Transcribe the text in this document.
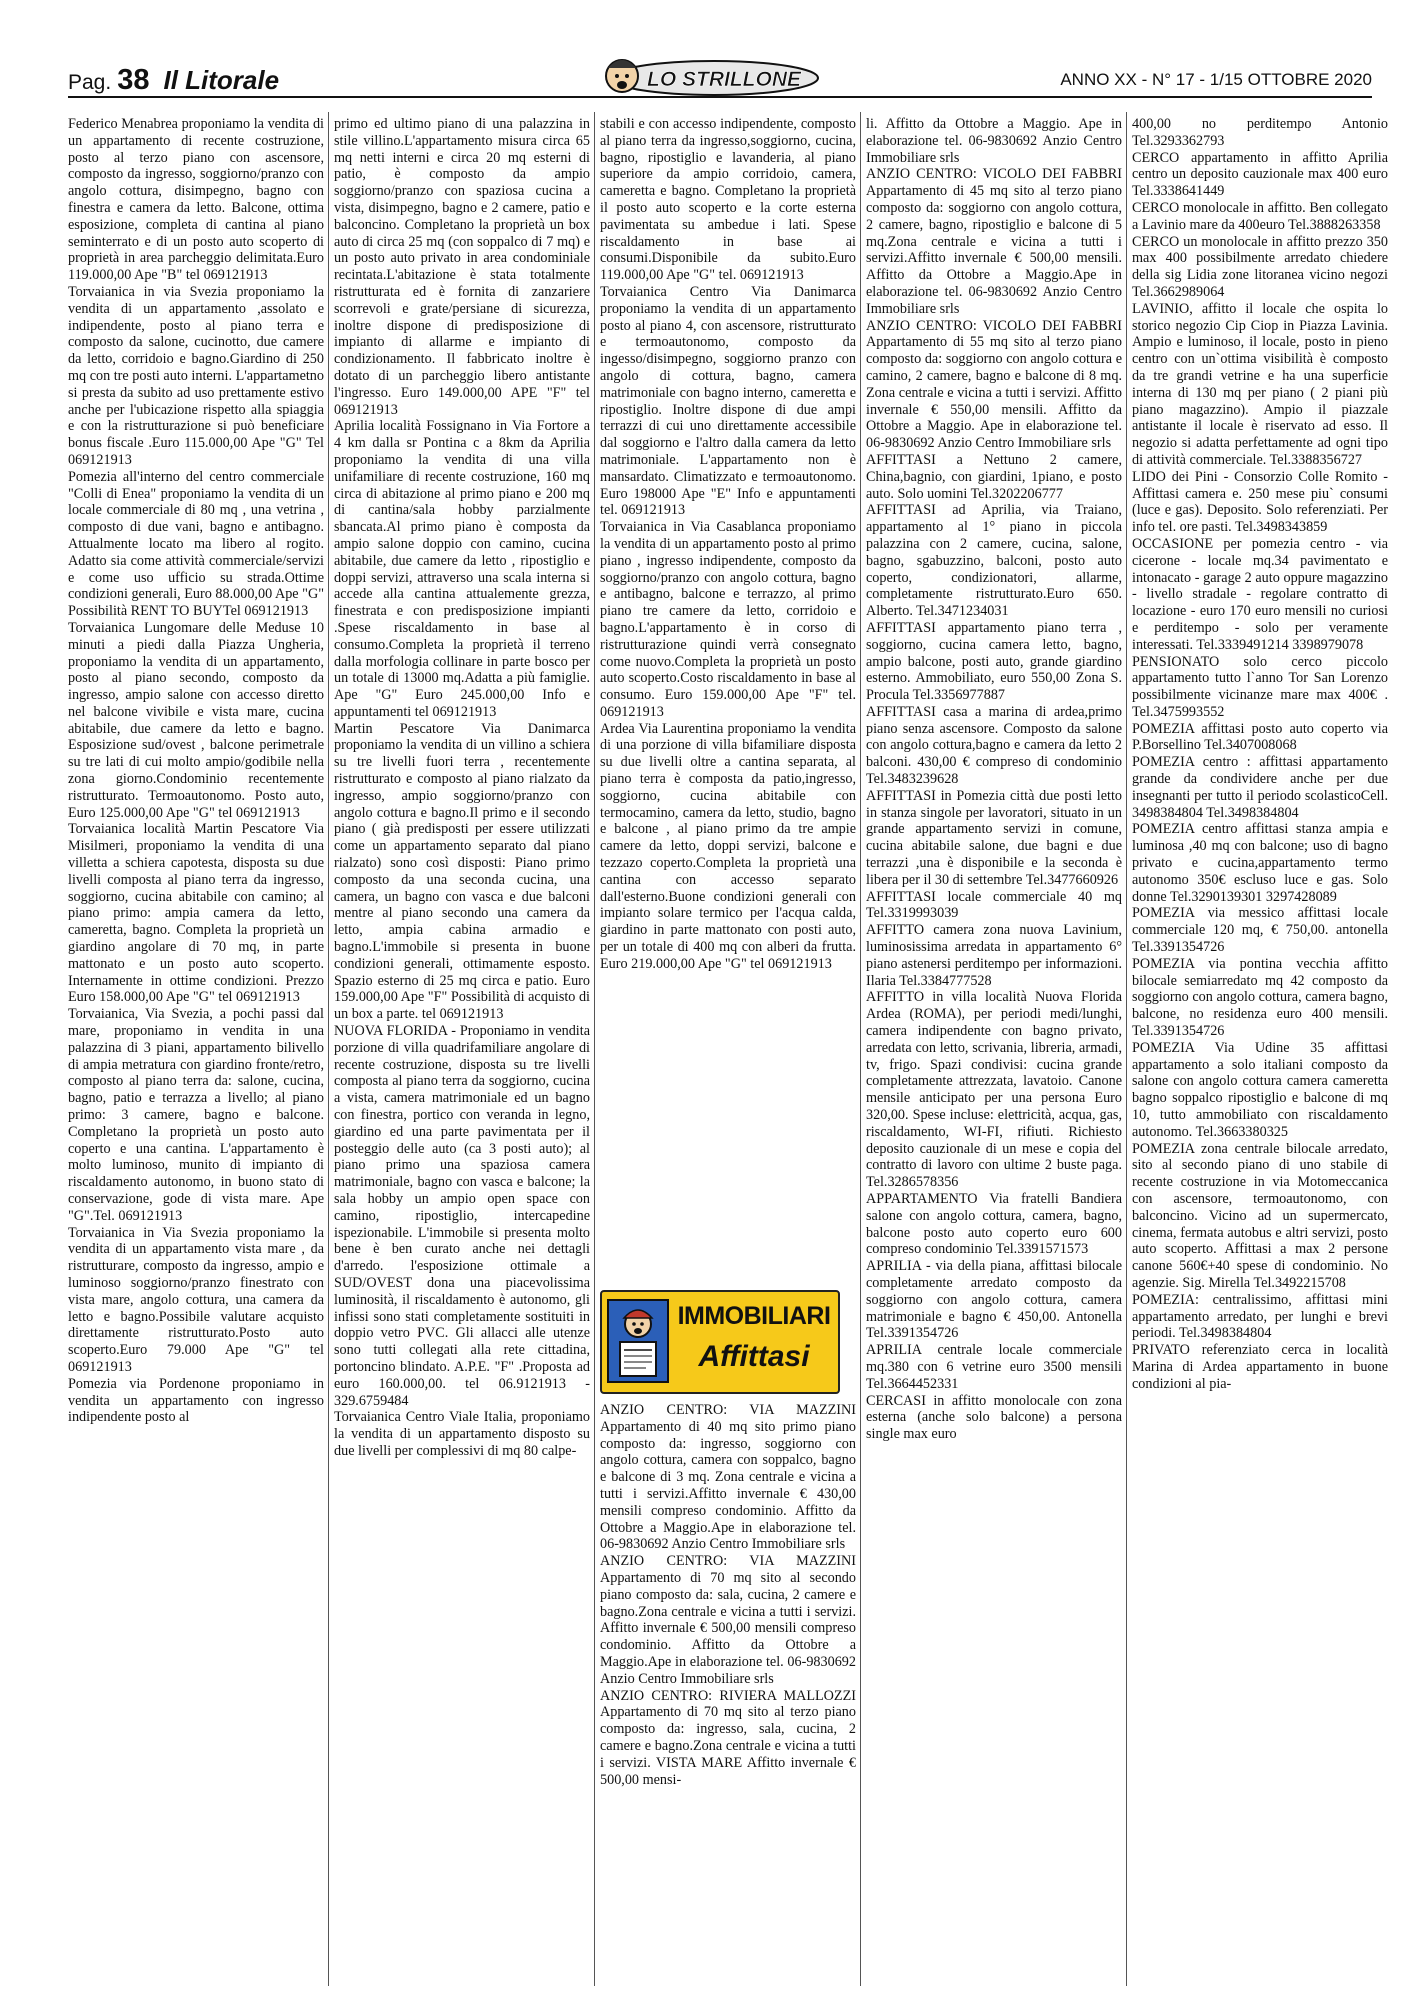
Pag. 38 Il Litorale	LO STRILLONE	ANNO XX - N° 17 - 1/15 OTTOBRE 2020

Federico Menabrea proponiamo la vendita di un appartamento di recente costruzione, posto al terzo piano con ascensore, composto da ingresso, soggiorno/pranzo con angolo cottura, disimpegno, bagno con finestra e camera da letto. Balcone, ottima esposizione, completa di cantina al piano seminterrato e di un posto auto scoperto di proprietà in area parcheggio delimitata.Euro 119.000,00 Ape "B" tel 069121913

Torvaianica in via Svezia proponiamo la vendita di un appartamento ,assolato e indipendente, posto al piano terra e composto da salone, cucinotto, due camere da letto, corridoio e bagno.Giardino di 250 mq con tre posti auto interni. L'appartametno si presta da subito ad uso prettamente estivo anche per l'ubicazione rispetto alla spiaggia e con la ristrutturazione si può beneficiare bonus fiscale .Euro 115.000,00 Ape "G" Tel 069121913

Pomezia all'interno del centro commerciale "Colli di Enea" proponiamo la vendita di un locale commerciale di 80 mq , una vetrina , composto di due vani, bagno e antibagno. Attualmente locato ma libero al rogito. Adatto sia come attività commerciale/servizi e come uso ufficio su strada.Ottime condizioni generali, Euro 88.000,00 Ape "G" Possibilità RENT TO BUYTel 069121913

Torvaianica Lungomare delle Meduse 10 minuti a piedi dalla Piazza Ungheria, proponiamo la vendita di un appartamento, posto al piano secondo, composto da ingresso, ampio salone con accesso diretto nel balcone vivibile e vista mare, cucina abitabile, due camere da letto e bagno. Esposizione sud/ovest , balcone perimetrale su tre lati di cui molto ampio/godibile nella zona giorno.Condominio recentemente ristrutturato. Termoautonomo. Posto auto, Euro 125.000,00 Ape "G" tel 069121913

Torvaianica località Martin Pescatore Via Misilmeri, proponiamo la vendita di una villetta a schiera capotesta, disposta su due livelli composta al piano terra da ingresso, soggiorno, cucina abitabile con camino; al piano primo: ampia camera da letto, cameretta, bagno. Completa la proprietà un giardino angolare di 70 mq, in parte mattonato e un posto auto scoperto. Internamente in ottime condizioni. Prezzo Euro 158.000,00 Ape "G" tel 069121913

Torvaianica, Via Svezia, a pochi passi dal mare, proponiamo in vendita in una palazzina di 3 piani, appartamento bilivello di ampia metratura con giardino fronte/retro, composto al piano terra da: salone, cucina, bagno, patio e terrazza a livello; al piano primo: 3 camere, bagno e balcone. Completano la proprietà un posto auto coperto e una cantina. L'appartamento è molto luminoso, munito di impianto di riscaldamento autonomo, in buono stato di conservazione, gode di vista mare. Ape "G".Tel. 069121913

Torvaianica in Via Svezia proponiamo la vendita di un appartamento vista mare , da ristrutturare, composto da ingresso, ampio e luminoso soggiorno/pranzo finestrato con vista mare, angolo cottura, una camera da letto e bagno.Possibile valutare acquisto direttamente ristrutturato.Posto auto scoperto.Euro 79.000 Ape "G" tel 069121913

Pomezia via Pordenone proponiamo in vendita un appartamento con ingresso indipendente posto al

primo ed ultimo piano di una palazzina in stile villino.L'appartamento misura circa 65 mq netti interni e circa 20 mq esterni di patio, è composto da ampio soggiorno/pranzo con spaziosa cucina a vista, disimpegno, bagno e 2 camere, patio e balconcino. Completano la proprietà un box auto di circa 25 mq (con soppalco di 7 mq) e un posto auto privato in area condominiale recintata.L'abitazione è stata totalmente ristrutturata ed è fornita di zanzariere scorrevoli e grate/persiane di sicurezza, inoltre dispone di predisposizione di impianto di allarme e impianto di condizionamento. Il fabbricato inoltre è dotato di un parcheggio libero antistante l'ingresso. Euro 149.000,00 APE "F" tel 069121913

Aprilia località Fossignano in Via Fortore a 4 km dalla sr Pontina c a 8km da Aprilia proponiamo la vendita di una villa unifamiliare di recente costruzione, 160 mq circa di abitazione al primo piano e 200 mq di cantina/sala hobby parzialmente sbancata.Al primo piano è composta da ampio salone doppio con camino, cucina abitabile, due camere da letto , ripostiglio e doppi servizi, attraverso una scala interna si accede alla cantina attualemente grezza, finestrata e con predisposizione impianti .Spese riscaldamento in base al consumo.Completa la proprietà il terreno dalla morfologia collinare in parte bosco per un totale di 13000 mq.Adatta a più famiglie. Ape "G" Euro 245.000,00 Info e appuntamenti tel 069121913

Martin Pescatore Via Danimarca proponiamo la vendita di un villino a schiera su tre livelli fuori terra , recentemente ristrutturato e composto al piano rialzato da ingresso, ampio soggiorno/pranzo con angolo cottura e bagno.Il primo e il secondo piano ( già predisposti per essere utilizzati come un appartamento separato dal piano rialzato) sono così disposti: Piano primo composto da una seconda cucina, una camera, un bagno con vasca e due balconi mentre al piano secondo una camera da letto, ampia cabina armadio e bagno.L'immobile si presenta in buone condizioni generali, ottimamente esposto. Spazio esterno di 25 mq circa e patio. Euro 159.000,00 Ape "F" Possibilità di acquisto di un box a parte. tel 069121913

NUOVA FLORIDA - Proponiamo in vendita porzione di villa quadrifamiliare angolare di recente costruzione, disposta su tre livelli composta al piano terra da soggiorno, cucina a vista, camera matrimoniale ed un bagno con finestra, portico con veranda in legno, giardino ed una parte pavimentata per il posteggio delle auto (ca 3 posti auto); al piano primo una spaziosa camera matrimoniale, bagno con vasca e balcone; la sala hobby un ampio open space con camino, ripostiglio, intercapedine ispezionabile. L'immobile si presenta molto bene è ben curato anche nei dettagli d'arredo. l'esposizione ottimale a SUD/OVEST dona una piacevolissima luminosità, il riscaldamento è autonomo, gli infissi sono stati completamente sostituiti in doppio vetro PVC. Gli allacci alle utenze sono tutti collegati alla rete cittadina, portoncino blindato. A.P.E. "F" .Proposta ad euro 160.000,00. tel 06.9121913 - 329.6759484

Torvaianica Centro Viale Italia, proponiamo la vendita di un appartamento disposto su due livelli per complessivi di mq 80 calpe-

stabili e con accesso indipendente, composto al piano terra da ingresso,soggiorno, cucina, bagno, ripostiglio e lavanderia, al piano superiore da ampio corridoio, camera, cameretta e bagno. Completano la proprietà il posto auto scoperto e la corte esterna pavimentata su ambedue i lati. Spese riscaldamento in base ai consumi.Disponibile da subito.Euro 119.000,00 Ape "G" tel. 069121913

Torvaianica Centro Via Danimarca proponiamo la vendita di un appartamento posto al piano 4, con ascensore, ristrutturato e termoautonomo, composto da ingesso/disimpegno, soggiorno pranzo con angolo di cottura, bagno, camera matrimoniale con bagno interno, cameretta e ripostiglio. Inoltre dispone di due ampi terrazzi di cui uno direttamente accessibile dal soggiorno e l'altro dalla camera da letto matrimoniale. L'appartamento non è mansardato. Climatizzato e termoautonomo. Euro 198000 Ape "E" Info e appuntamenti tel. 069121913

Torvaianica in Via Casablanca proponiamo la vendita di un appartamento posto al primo piano , ingresso indipendente, composto da soggiorno/pranzo con angolo cottura, bagno e antibagno, balcone e terrazzo, al primo piano tre camere da letto, corridoio e bagno.L'appartamento è in corso di ristrutturazione quindi verrà consegnato come nuovo.Completa la proprietà un posto auto scoperto.Costo riscaldamento in base al consumo. Euro 159.000,00 Ape "F" tel. 069121913

Ardea Via Laurentina proponiamo la vendita di una porzione di villa bifamiliare disposta su due livelli oltre a cantina separata, al piano terra è composta da patio,ingresso, soggiorno, cucina abitabile con termocamino, camera da letto, studio, bagno e balcone , al piano primo da tre ampie camere da letto, doppi servizi, balcone e tezzazo coperto.Completa la proprietà una cantina con accesso separato dall'esterno.Buone condizioni generali con impianto solare termico per l'acqua calda, giardino in parte mattonato con posti auto, per un totale di 400 mq con alberi da frutta. Euro 219.000,00 Ape "G" tel 069121913

IMMOBILIARI
Affittasi

ANZIO CENTRO: VIA MAZZINI Appartamento di 40 mq sito primo piano composto da: ingresso, soggiorno con angolo cottura, camera con soppalco, bagno e balcone di 3 mq. Zona centrale e vicina a tutti i servizi.Affitto invernale € 430,00 mensili compreso condominio. Affitto da Ottobre a Maggio.Ape in elaborazione tel. 06-9830692 Anzio Centro Immobiliare srls

ANZIO CENTRO: VIA MAZZINI Appartamento di 70 mq sito al secondo piano composto da: sala, cucina, 2 camere e bagno.Zona centrale e vicina a tutti i servizi. Affitto invernale € 500,00 mensili compreso condominio. Affitto da Ottobre a Maggio.Ape in elaborazione tel. 06-9830692 Anzio Centro Immobiliare srls

ANZIO CENTRO: RIVIERA MALLOZZI Appartamento di 70 mq sito al terzo piano composto da: ingresso, sala, cucina, 2 camere e bagno.Zona centrale e vicina a tutti i servizi. VISTA MARE Affitto invernale € 500,00 mensi-

li. Affitto da Ottobre a Maggio. Ape in elaborazione tel. 06-9830692 Anzio Centro Immobiliare srls

ANZIO CENTRO: VICOLO DEI FABBRI Appartamento di 45 mq sito al terzo piano composto da: soggiorno con angolo cottura, 2 camere, bagno, ripostiglio e balcone di 5 mq.Zona centrale e vicina a tutti i servizi.Affitto invernale € 500,00 mensili. Affitto da Ottobre a Maggio.Ape in elaborazione tel. 06-9830692 Anzio Centro Immobiliare srls

ANZIO CENTRO: VICOLO DEI FABBRI Appartamento di 55 mq sito al terzo piano composto da: soggiorno con angolo cottura e camino, 2 camere, bagno e balcone di 8 mq. Zona centrale e vicina a tutti i servizi. Affitto invernale € 550,00 mensili. Affitto da Ottobre a Maggio. Ape in elaborazione tel. 06-9830692 Anzio Centro Immobiliare srls

AFFITTASI a Nettuno 2 camere, China,bagnio, con giardini, 1piano, e posto auto. Solo uomini Tel.3202206777

AFFITTASI ad Aprilia, via Traiano, appartamento al 1° piano in piccola palazzina con 2 camere, cucina, salone, bagno, sgabuzzino, balconi, posto auto coperto, condizionatori, allarme, completamente ristrutturato.Euro 650. Alberto. Tel.3471234031

AFFITTASI appartamento piano terra , soggiorno, cucina camera letto, bagno, ampio balcone, posti auto, grande giardino esterno. Ammobiliato, euro 550,00 Zona S. Procula Tel.3356977887

AFFITTASI casa a marina di ardea,primo piano senza ascensore. Composto da salone con angolo cottura,bagno e camera da letto 2 balconi. 430,00 € compreso di condominio Tel.3483239628

AFFITTASI in Pomezia città due posti letto in stanza singole per lavoratori, situato in un grande appartamento servizi in comune, cucina abitabile salone, due bagni e due terrazzi ,una è disponibile e la seconda è libera per il 30 di settembre Tel.3477660926

AFFITTASI locale commerciale 40 mq Tel.3319993039

AFFITTO camera zona nuova Lavinium, luminosissima arredata in appartamento 6° piano astenersi perditempo per informazioni. Ilaria Tel.3384777528

AFFITTO in villa località Nuova Florida Ardea (ROMA), per periodi medi/lunghi, camera indipendente con bagno privato, arredata con letto, scrivania, libreria, armadi, tv, frigo. Spazi condivisi: cucina grande completamente attrezzata, lavatoio. Canone mensile anticipato per una persona Euro 320,00. Spese incluse: elettricità, acqua, gas, riscaldamento, WI-FI, rifiuti. Richiesto deposito cauzionale di un mese e copia del contratto di lavoro con ultime 2 buste paga. Tel.3286578356

APPARTAMENTO Via fratelli Bandiera salone con angolo cottura, camera, bagno, balcone posto auto coperto euro 600 compreso condominio Tel.3391571573

APRILIA - via della piana, affittasi bilocale completamente arredato composto da soggiorno con angolo cottura, camera matrimoniale e bagno € 450,00. Antonella Tel.3391354726

APRILIA centrale locale commerciale mq.380 con 6 vetrine euro 3500 mensili Tel.3664452331

CERCASI in affitto monolocale con zona esterna (anche solo balcone) a persona single max euro

400,00 no perditempo Antonio Tel.3293362793

CERCO appartamento in affitto Aprilia centro un deposito cauzionale max 400 euro Tel.3338641449

CERCO monolocale in affitto. Ben collegato a Lavinio mare da 400euro Tel.3888263358

CERCO un monolocale in affitto prezzo 350 max 400 possibilmente arredato chiedere della sig Lidia zone litoranea vicino negozi Tel.3662989064

LAVINIO, affitto il locale che ospita lo storico negozio Cip Ciop in Piazza Lavinia. Ampio e luminoso, il locale, posto in pieno centro con un`ottima visibilità è composto da tre grandi vetrine e ha una superficie interna di 130 mq per piano ( 2 piani più piano magazzino). Ampio il piazzale antistante il locale è riservato ad esso. Il negozio si adatta perfettamente ad ogni tipo di attività commerciale. Tel.3388356727

LIDO dei Pini - Consorzio Colle Romito - Affittasi camera e. 250 mese piu` consumi (luce e gas). Deposito. Solo referenziati. Per info tel. ore pasti. Tel.3498343859

OCCASIONE per pomezia centro - via cicerone - locale mq.34 pavimentato e intonacato - garage 2 auto oppure magazzino - livello stradale - regolare contratto di locazione - euro 170 euro mensili no curiosi e perditempo - solo per veramente interessati. Tel.3339491214 3398979078

PENSIONATO solo cerco piccolo appartamento tutto l`anno Tor San Lorenzo possibilmente vicinanze mare max 400€ . Tel.3475993552

POMEZIA affittasi posto auto coperto via P.Borsellino Tel.3407008068

POMEZIA centro : affittasi appartamento grande da condividere anche per due insegnanti per tutto il periodo scolasticoCell. 3498384804 Tel.3498384804

POMEZIA centro affittasi stanza ampia e luminosa ,40 mq con balcone; uso di bagno privato e cucina,appartamento termo autonomo 350€ escluso luce e gas. Solo donne Tel.3290139301 3297428089

POMEZIA via messico affittasi locale commerciale 120 mq, € 750,00. antonella Tel.3391354726

POMEZIA via pontina vecchia affitto bilocale semiarredato mq 42 composto da soggiorno con angolo cottura, camera bagno, balcone, no residenza euro 400 mensili. Tel.3391354726

POMEZIA Via Udine 35 affittasi appartamento a solo italiani composto da salone con angolo cottura camera cameretta bagno soppalco ripostiglio e balcone di mq 10, tutto ammobiliato con riscaldamento autonomo. Tel.3663380325

POMEZIA zona centrale bilocale arredato, sito al secondo piano di uno stabile di recente costruzione in via Motomeccanica con ascensore, termoautonomo, con balconcino. Vicino ad un supermercato, cinema, fermata autobus e altri servizi, posto auto scoperto. Affittasi a max 2 persone canone 560€+40 spese di condominio. No agenzie. Sig. Mirella Tel.3492215708

POMEZIA: centralissimo, affittasi mini appartamento arredato, per lunghi e brevi periodi. Tel.3498384804

PRIVATO referenziato cerca in località Marina di Ardea appartamento in buone condizioni al pia-
